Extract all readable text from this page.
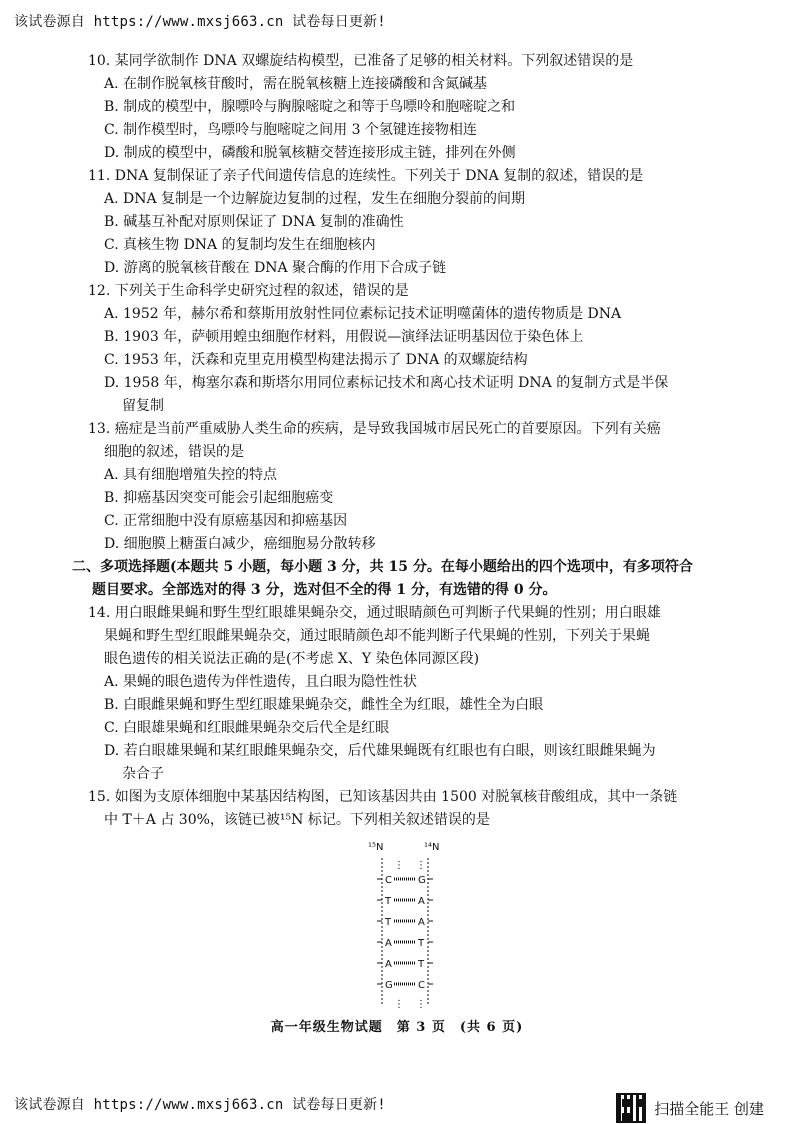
该试卷源自 https://www.mxsj663.cn 试卷每日更新!
10. 某同学欲制作 DNA 双螺旋结构模型，已准备了足够的相关材料。下列叙述错误的是
A. 在制作脱氧核苷酸时，需在脱氧核糖上连接磷酸和含氮碱基
B. 制成的模型中，腺嘌呤与胸腺嘧啶之和等于鸟嘌呤和胞嘧啶之和
C. 制作模型时，鸟嘌呤与胞嘧啶之间用 3 个氢键连接物相连
D. 制成的模型中，磷酸和脱氧核糖交替连接形成主链，排列在外侧
11. DNA 复制保证了亲子代间遗传信息的连续性。下列关于 DNA 复制的叙述，错误的是
A. DNA 复制是一个边解旋边复制的过程，发生在细胞分裂前的间期
B. 碱基互补配对原则保证了 DNA 复制的准确性
C. 真核生物 DNA 的复制均发生在细胞核内
D. 游离的脱氧核苷酸在 DNA 聚合酶的作用下合成子链
12. 下列关于生命科学史研究过程的叙述，错误的是
A. 1952 年，赫尔希和蔡斯用放射性同位素标记技术证明噬菌体的遗传物质是 DNA
B. 1903 年，萨顿用蝗虫细胞作材料，用假说—演绎法证明基因位于染色体上
C. 1953 年，沃森和克里克用模型构建法揭示了 DNA 的双螺旋结构
D. 1958 年，梅塞尔森和斯塔尔用同位素标记技术和离心技术证明 DNA 的复制方式是半保
留复制
13. 癌症是当前严重威胁人类生命的疾病，是导致我国城市居民死亡的首要原因。下列有关癌
细胞的叙述，错误的是
A. 具有细胞增殖失控的特点
B. 抑癌基因突变可能会引起细胞癌变
C. 正常细胞中没有原癌基因和抑癌基因
D. 细胞膜上糖蛋白减少，癌细胞易分散转移
二、多项选择题(本题共 5 小题，每小题 3 分，共 15 分。在每小题给出的四个选项中，有多项符合
题目要求。全部选对的得 3 分，选对但不全的得 1 分，有选错的得 0 分。
14. 用白眼雌果蝇和野生型红眼雄果蝇杂交，通过眼睛颜色可判断子代果蝇的性别；用白眼雄
果蝇和野生型红眼雌果蝇杂交，通过眼睛颜色却不能判断子代果蝇的性别，下列关于果蝇
眼色遗传的相关说法正确的是(不考虑 X、Y 染色体同源区段)
A. 果蝇的眼色遗传为伴性遗传，且白眼为隐性性状
B. 白眼雌果蝇和野生型红眼雄果蝇杂交，雌性全为红眼，雄性全为白眼
C. 白眼雄果蝇和红眼雌果蝇杂交后代全是红眼
D. 若白眼雄果蝇和某红眼雌果蝇杂交，后代雄果蝇既有红眼也有白眼，则该红眼雌果蝇为
杂合子
15. 如图为支原体细胞中某基因结构图，已知该基因共由 1500 对脱氧核苷酸组成，其中一条链
中 T＋A 占 30%，该链已被¹⁵N 标记。下列相关叙述错误的是
¹⁵N	¹⁴N
⋮ ⋮
C	G
T	A
T	A
A	T
A	T
G	C
⋮ ⋮
高一年级生物试题　第 3 页　(共 6 页)
该试卷源自 https://www.mxsj663.cn 试卷每日更新!	扫描全能王 创建
